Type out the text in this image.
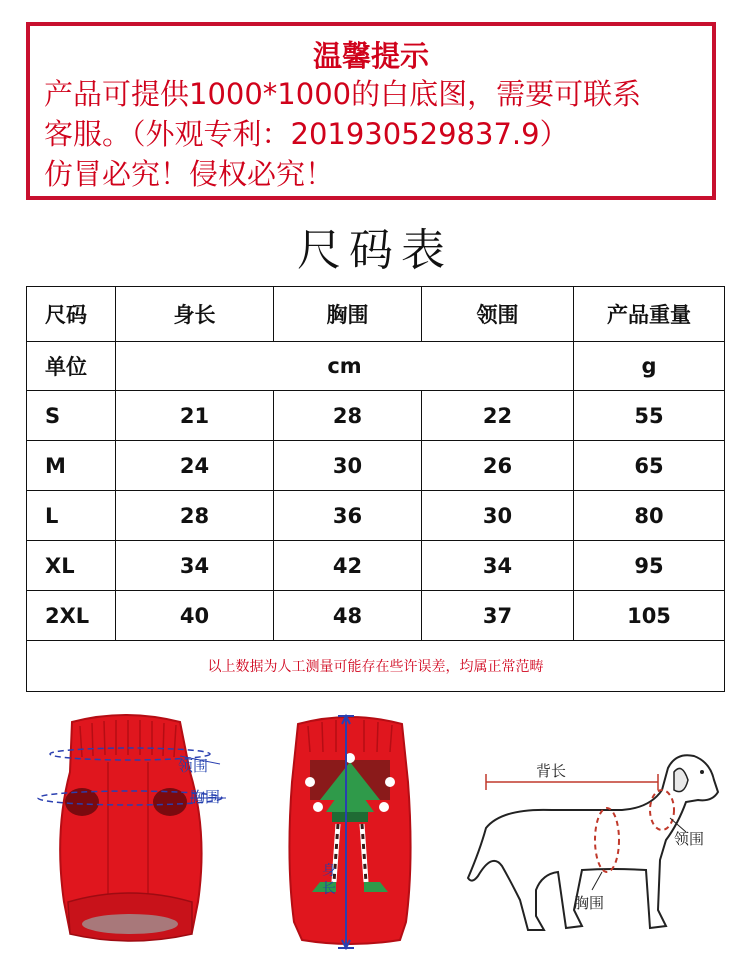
温馨提示
产品可提供1000*1000的白底图，需要可联系
客服。（外观专利：201930529837.9）
仿冒必究！侵权必究！
尺码表
尺码	身长	胸围	领围	产品重量
单位	cm			g
S	21	28	22	55
M	24	30	26	65
L	28	36	30	80
XL	34	42	34	95
2XL	40	48	37	105
以上数据为人工测量可能存在些许误差，均属正常范畴				
领围
胸围
身长
背长
领围
胸围
